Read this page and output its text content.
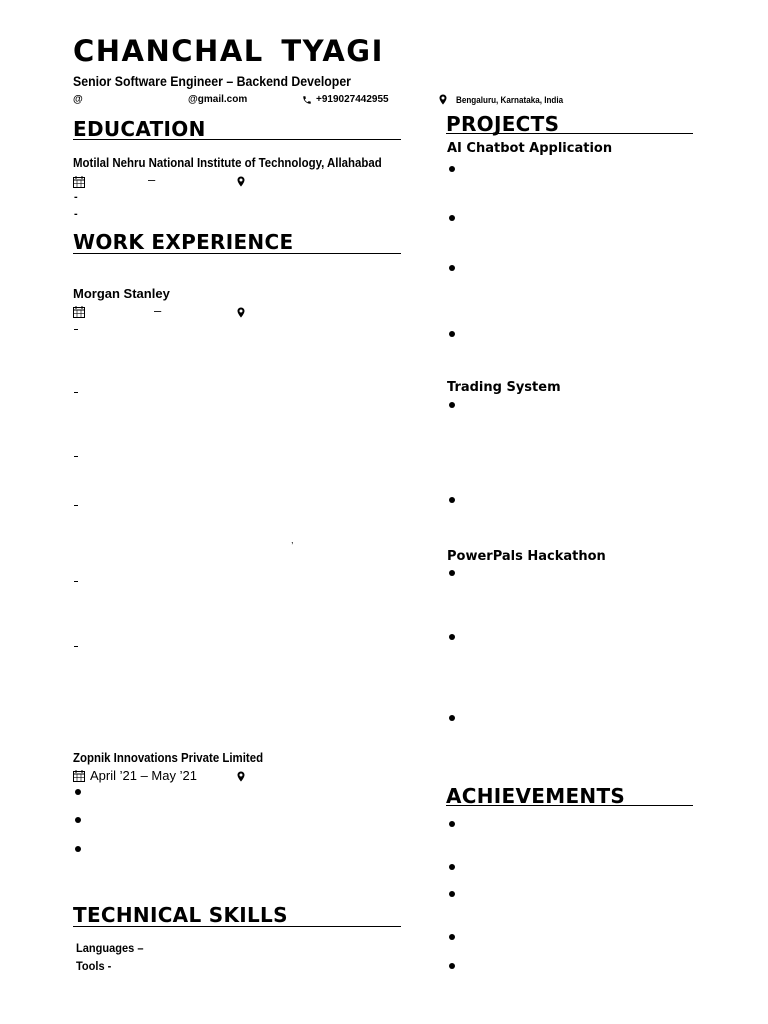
CHANCHAL TYAGI
Senior Software Engineer – Backend Developer
@	@gmail.com	+919027442955	Bengaluru, Karnataka, India
EDUCATION
Motilal Nehru National Institute of Technology, Allahabad
–
-
-
WORK EXPERIENCE
Morgan Stanley
–
,
Zopnik Innovations Private Limited
April ’21 – May ’21
TECHNICAL SKILLS
Languages –
Tools -
PROJECTS
AI Chatbot Application
Trading System
PowerPals Hackathon
ACHIEVEMENTS
